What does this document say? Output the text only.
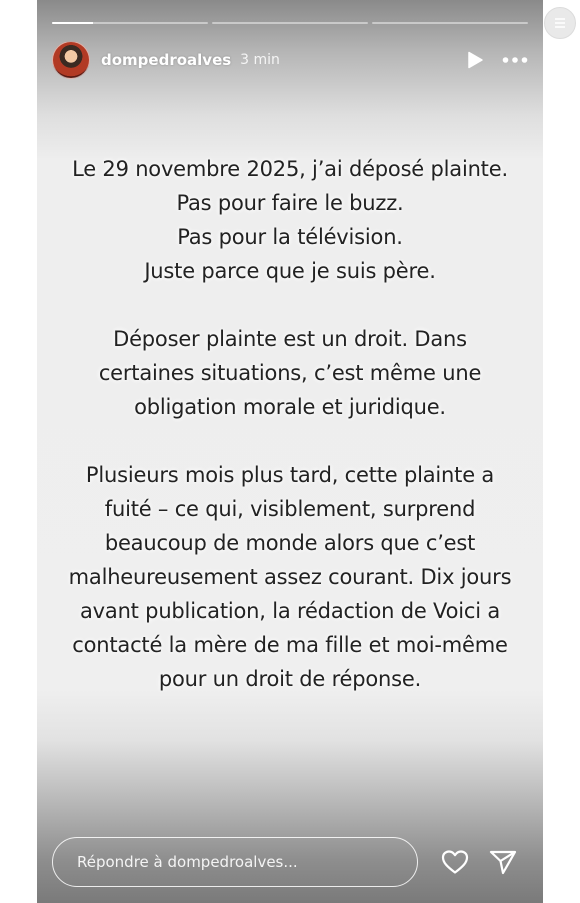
dompedroalves 3 min
Le 29 novembre 2025, j’ai déposé plainte.
Pas pour faire le buzz.
Pas pour la télévision.
Juste parce que je suis père.
Déposer plainte est un droit. Dans
certaines situations, c’est même une
obligation morale et juridique.
Plusieurs mois plus tard, cette plainte a
fuité – ce qui, visiblement, surprend
beaucoup de monde alors que c’est
malheureusement assez courant. Dix jours
avant publication, la rédaction de Voici a
contacté la mère de ma fille et moi-même
pour un droit de réponse.
Répondre à dompedroalves...
